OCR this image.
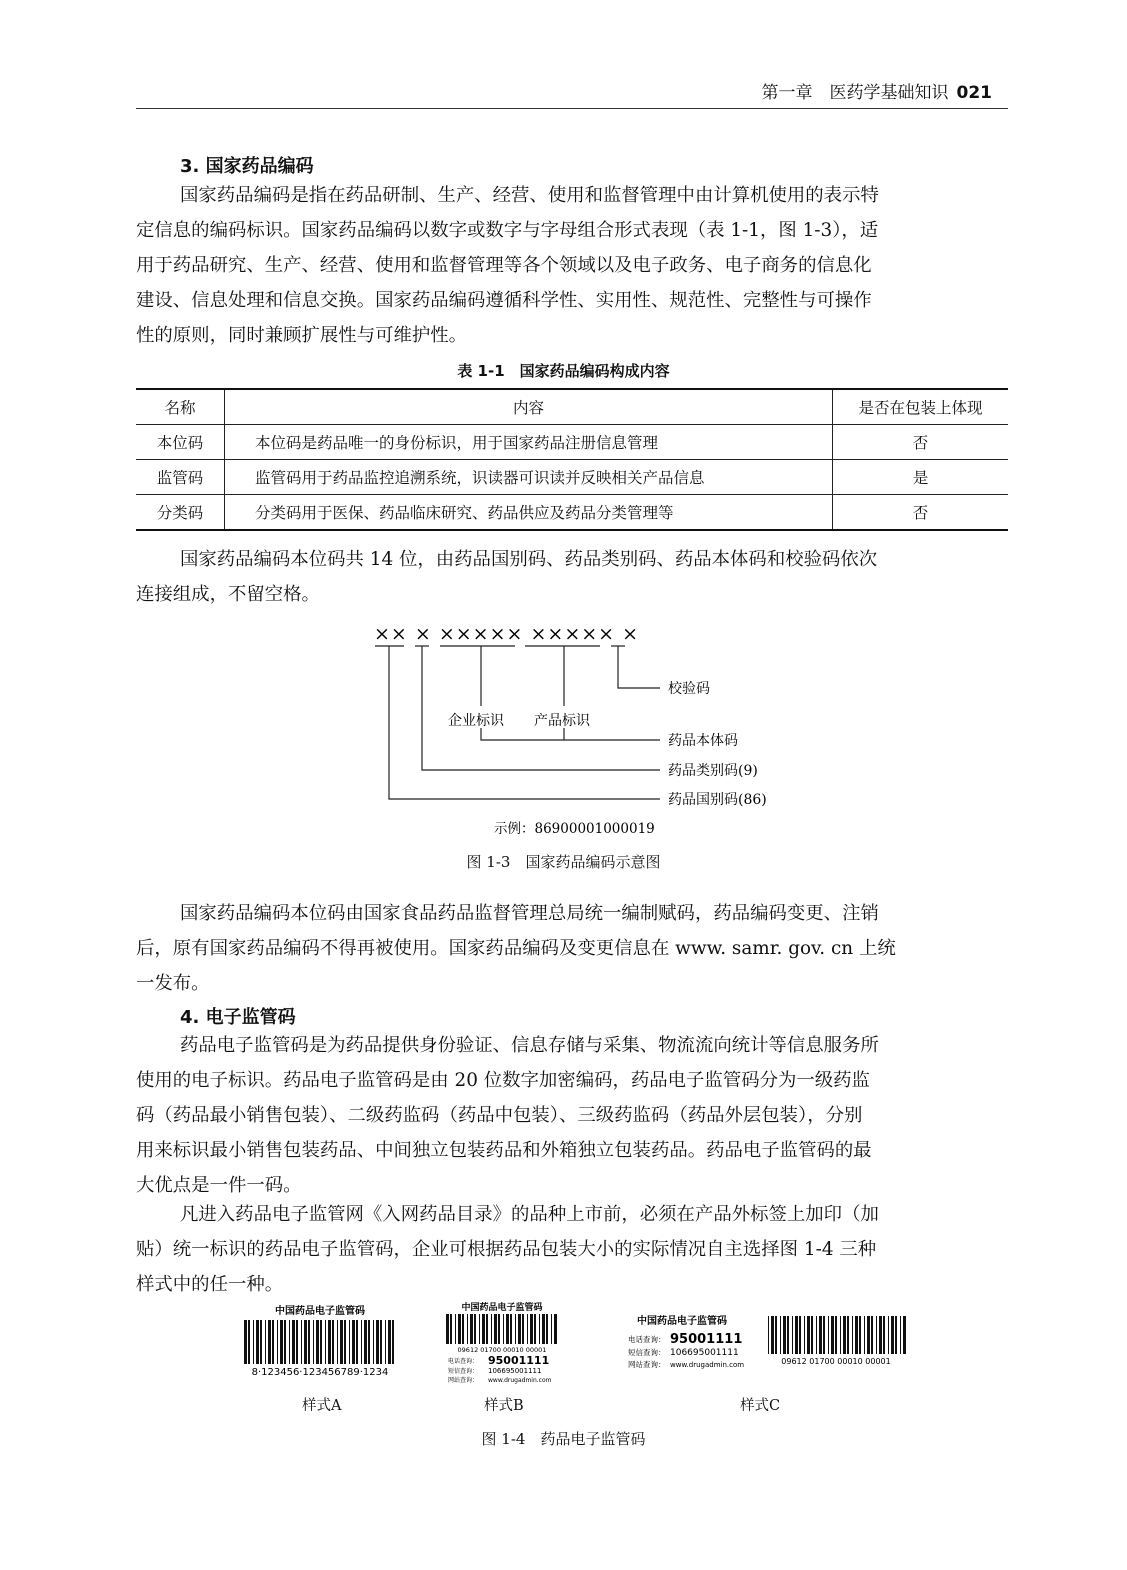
第一章　医药学基础知识 021
3. 国家药品编码
国家药品编码是指在药品研制、生产、经营、使用和监督管理中由计算机使用的表示特
定信息的编码标识。国家药品编码以数字或数字与字母组合形式表现（表 1-1，图 1-3），适
用于药品研究、生产、经营、使用和监督管理等各个领域以及电子政务、电子商务的信息化
建设、信息处理和信息交换。国家药品编码遵循科学性、实用性、规范性、完整性与可操作
性的原则，同时兼顾扩展性与可维护性。
表 1-1　国家药品编码构成内容
名称	内容	是否在包装上体现
本位码	本位码是药品唯一的身份标识，用于国家药品注册信息管理	否
监管码	监管码用于药品监控追溯系统，识读器可识读并反映相关产品信息	是
分类码	分类码用于医保、药品临床研究、药品供应及药品分类管理等	否
国家药品编码本位码共 14 位，由药品国别码、药品类别码、药品本体码和校验码依次
连接组成，不留空格。
×× × ××××× ××××× ×
校验码
企业标识 产品标识
药品本体码
药品类别码(9)
药品国别码(86)
示例：86900001000019
图 1-3　国家药品编码示意图
国家药品编码本位码由国家食品药品监督管理总局统一编制赋码，药品编码变更、注销
后，原有国家药品编码不得再被使用。国家药品编码及变更信息在 www. samr. gov. cn 上统
一发布。
4. 电子监管码
药品电子监管码是为药品提供身份验证、信息存储与采集、物流流向统计等信息服务所
使用的电子标识。药品电子监管码是由 20 位数字加密编码，药品电子监管码分为一级药监
码（药品最小销售包装）、二级药监码（药品中包装）、三级药监码（药品外层包装），分别
用来标识最小销售包装药品、中间独立包装药品和外箱独立包装药品。药品电子监管码的最
大优点是一件一码。
凡进入药品电子监管网《入网药品目录》的品种上市前，必须在产品外标签上加印（加
贴）统一标识的药品电子监管码，企业可根据药品包装大小的实际情况自主选择图 1-4 三种
样式中的任一种。
中国药品电子监管码
8·123456·123456789·1234
中国药品电子监管码
09612 01700 00010 00001
电话查询： 95001111
短信查询： 106695001111
网站查询： www.drugadmin.com
中国药品电子监管码
电话查询： 95001111
短信查询： 106695001111
网站查询： www.drugadmin.com	09612 01700 00010 00001
样式A	样式B	样式C
图 1-4　药品电子监管码
